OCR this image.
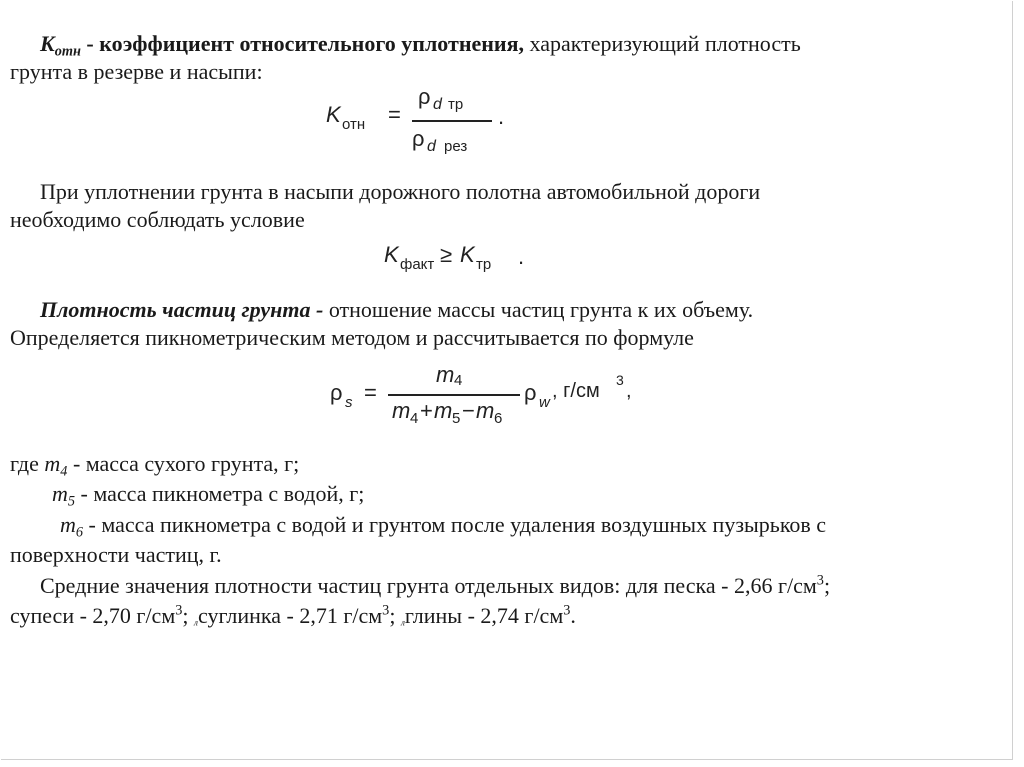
$K_{отн}$ - коэффициент относительного уплотнения, характеризующий плотность
грунта в резерве и насыпи:
K отн =
ρ d тр
ρ d рез
.
При уплотнении грунта в насыпи дорожного полотна автомобильной дороги
необходимо соблюдать условие
K факт ≥ K тр .
Плотность частиц грунта - отношение массы частиц грунта к их объему.
Определяется пикнометрическим методом и рассчитывается по формуле
ρ s =
m 4
m 4 + m 5 − m 6
ρ w
, г/см 3 ,
где $m_4$ - масса сухого грунта, г;
$m_5$ - масса пикнометра с водой, г;
$m_6$ - масса пикнометра с водой и грунтом после удаления воздушных пузырьков с
поверхности частиц, г.
Средние значения плотности частиц грунта отдельных видов: для песка - 2,66 $г/см^3$;
супеси - 2,70 $г/см^3$; лсуглинка - 2,71 $г/см^3$; лглины - 2,74 $г/см^3$.
